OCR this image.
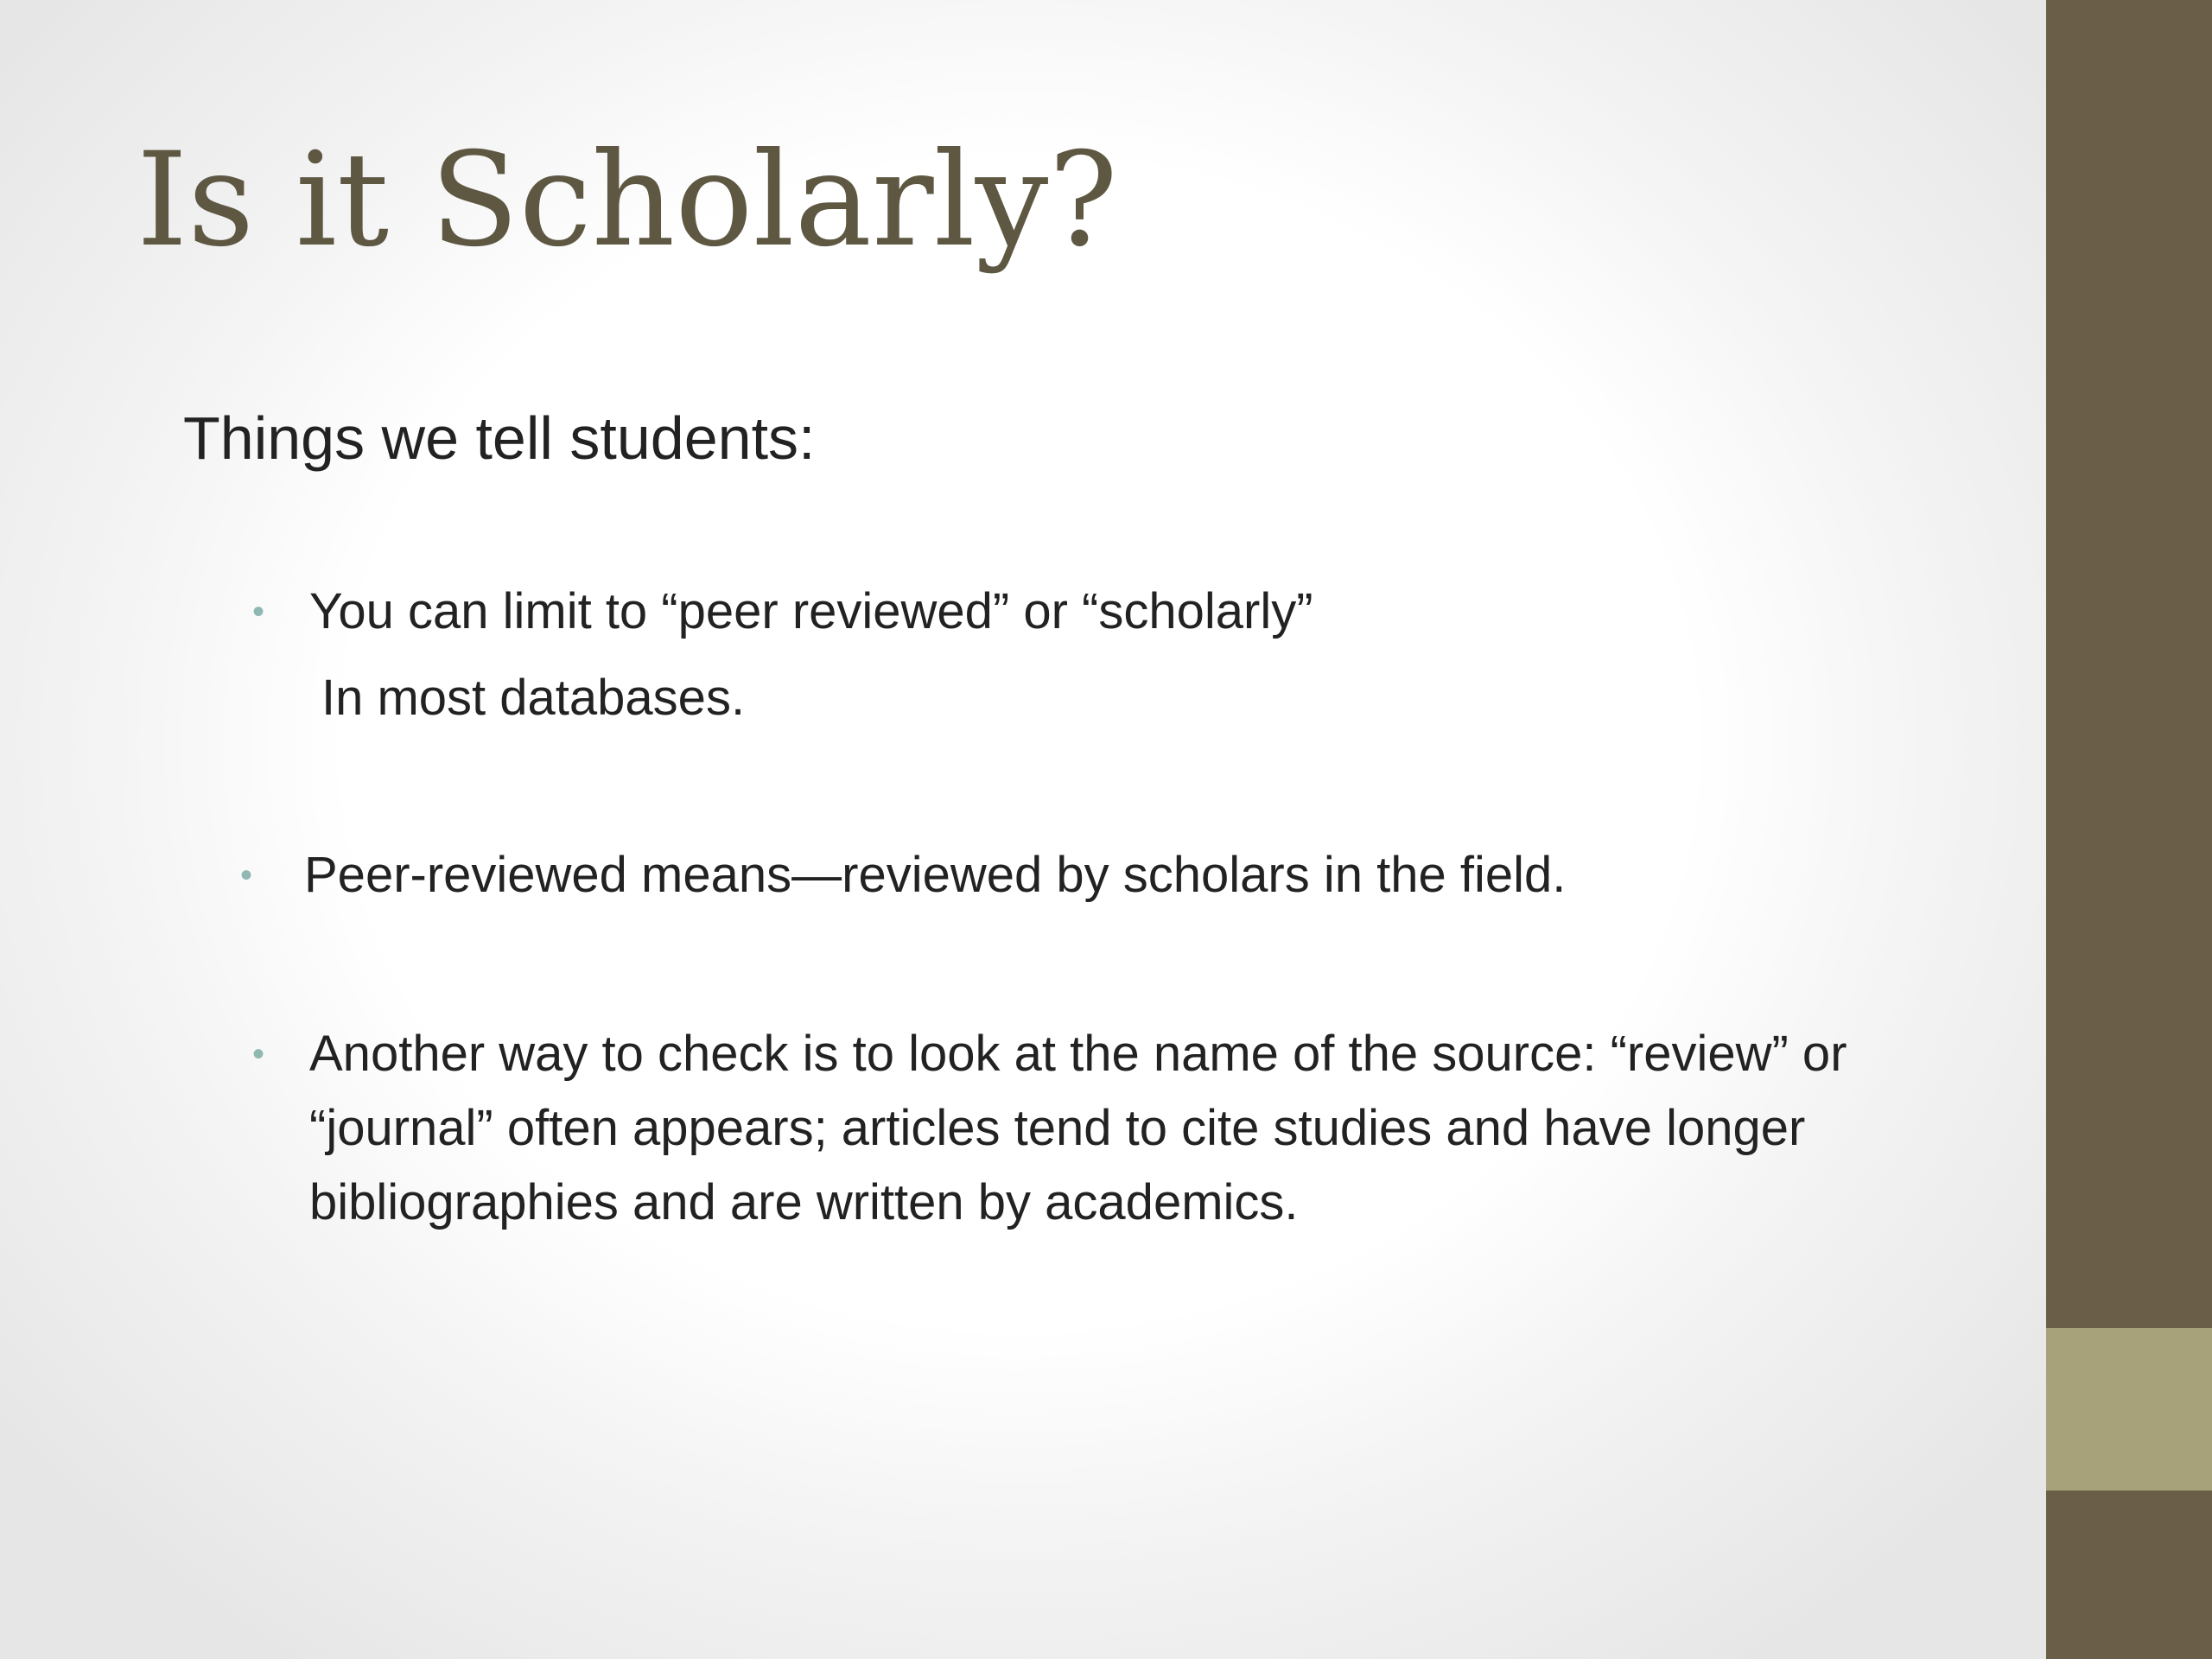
Is it Scholarly?
Things we tell students:
• You can limit to “peer reviewed” or “scholarly”
In most databases.
• Peer-reviewed means—reviewed by scholars in the field.
• Another way to check is to look at the name of the source: “review” or “journal” often appears; articles tend to cite studies and have longer bibliographies and are written by academics.
